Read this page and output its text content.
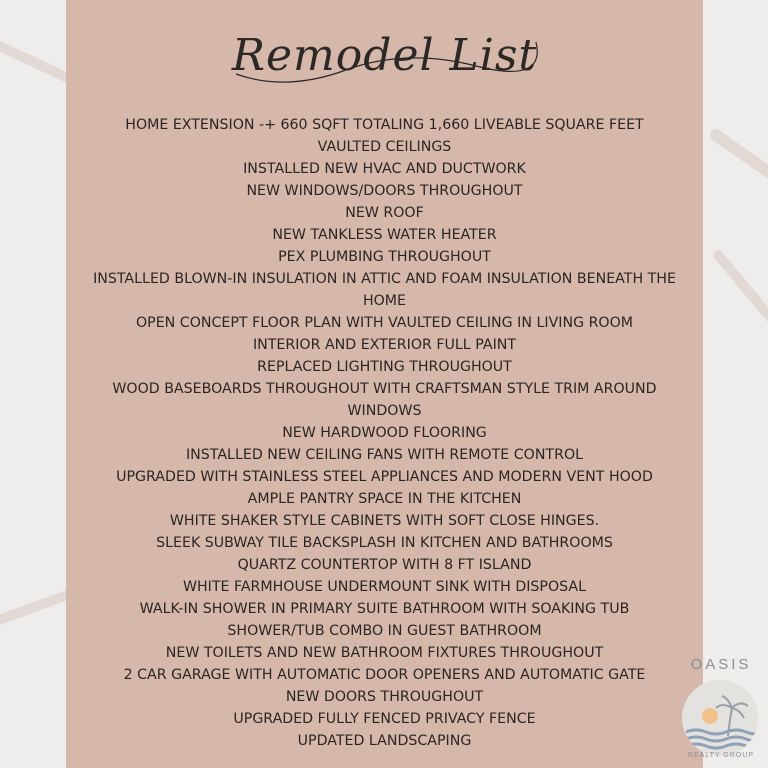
Remodel List
HOME EXTENSION -+ 660 SQFT TOTALING 1,660 LIVEABLE SQUARE FEET
VAULTED CEILINGS
INSTALLED NEW HVAC AND DUCTWORK
NEW WINDOWS/DOORS THROUGHOUT
NEW ROOF
NEW TANKLESS WATER HEATER
PEX PLUMBING THROUGHOUT
INSTALLED BLOWN-IN INSULATION IN ATTIC AND FOAM INSULATION BENEATH THE HOME
OPEN CONCEPT FLOOR PLAN WITH VAULTED CEILING IN LIVING ROOM
INTERIOR AND EXTERIOR FULL PAINT
REPLACED LIGHTING THROUGHOUT
WOOD BASEBOARDS THROUGHOUT WITH CRAFTSMAN STYLE TRIM AROUND WINDOWS
NEW HARDWOOD FLOORING
INSTALLED NEW CEILING FANS WITH REMOTE CONTROL
UPGRADED WITH STAINLESS STEEL APPLIANCES AND MODERN VENT HOOD
AMPLE PANTRY SPACE IN THE KITCHEN
WHITE SHAKER STYLE CABINETS WITH SOFT CLOSE HINGES.
SLEEK SUBWAY TILE BACKSPLASH IN KITCHEN AND BATHROOMS
QUARTZ COUNTERTOP WITH 8 FT ISLAND
WHITE FARMHOUSE UNDERMOUNT SINK WITH DISPOSAL
WALK-IN SHOWER IN PRIMARY SUITE BATHROOM WITH SOAKING TUB
SHOWER/TUB COMBO IN GUEST BATHROOM
NEW TOILETS AND NEW BATHROOM FIXTURES THROUGHOUT
2 CAR GARAGE WITH AUTOMATIC DOOR OPENERS AND AUTOMATIC GATE
NEW DOORS THROUGHOUT
UPGRADED FULLY FENCED PRIVACY FENCE
UPDATED LANDSCAPING
OASIS
REALTY GROUP
